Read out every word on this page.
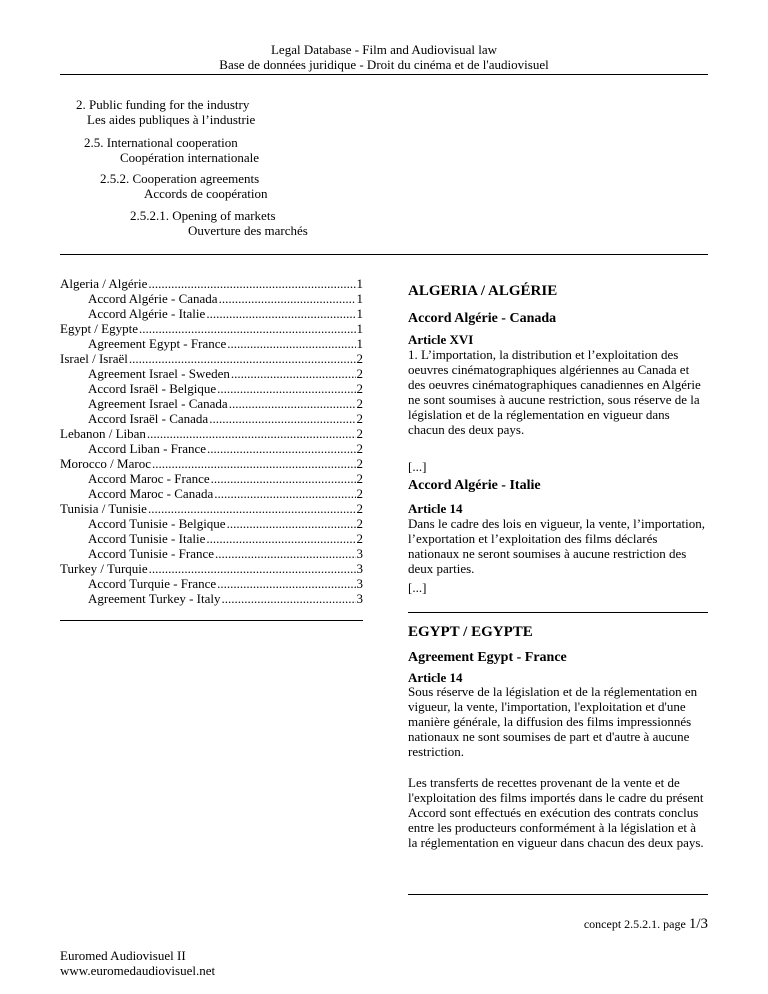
Legal Database - Film and Audiovisual law
Base de données juridique - Droit du cinéma et de l'audiovisuel
2. Public funding for the industry
Les aides publiques à l’industrie
2.5. International cooperation
Coopération internationale
2.5.2. Cooperation agreements
Accords de coopération
2.5.2.1. Opening of markets
Ouverture des marchés
Algeria / Algérie .....	1
Accord Algérie - Canada .....	1
Accord Algérie - Italie .....	1
Egypt / Egypte .....	1
Agreement Egypt - France .....	1
Israel / Israël .....	2
Agreement Israel - Sweden .....	2
Accord Israël - Belgique .....	2
Agreement Israel - Canada .....	2
Accord Israël - Canada .....	2
Lebanon / Liban .....	2
Accord Liban - France .....	2
Morocco / Maroc .....	2
Accord Maroc - France .....	2
Accord Maroc - Canada .....	2
Tunisia / Tunisie .....	2
Accord Tunisie - Belgique .....	2
Accord Tunisie - Italie .....	2
Accord Tunisie - France .....	3
Turkey / Turquie .....	3
Accord Turquie - France .....	3
Agreement Turkey - Italy .....	3
ALGERIA / ALGÉRIE
Accord Algérie - Canada
Article XVI
1. L’importation, la distribution et l’exploitation des oeuvres cinématographiques algériennes au Canada et des oeuvres cinématographiques canadiennes en Algérie ne sont soumises à aucune restriction, sous réserve de la législation et de la réglementation en vigueur dans chacun des deux pays.
[...]
Accord Algérie - Italie
Article 14
Dans le cadre des lois en vigueur, la vente, l’importation, l’exportation et l’exploitation des films déclarés nationaux ne seront soumises à aucune restriction des deux parties.
[...]
EGYPT / EGYPTE
Agreement Egypt - France
Article 14
Sous réserve de la législation et de la réglementation en vigueur, la vente, l'importation, l'exploitation et d'une manière générale, la diffusion des films impressionnés nationaux ne sont soumises de part et d'autre à aucune restriction.
Les transferts de recettes provenant de la vente et de l'exploitation des films importés dans le cadre du présent Accord sont effectués en exécution des contrats conclus entre les producteurs conformément à la législation et à la réglementation en vigueur dans chacun des deux pays.
concept 2.5.2.1. page 1/3
Euromed Audiovisuel II
www.euromedaudiovisuel.net
